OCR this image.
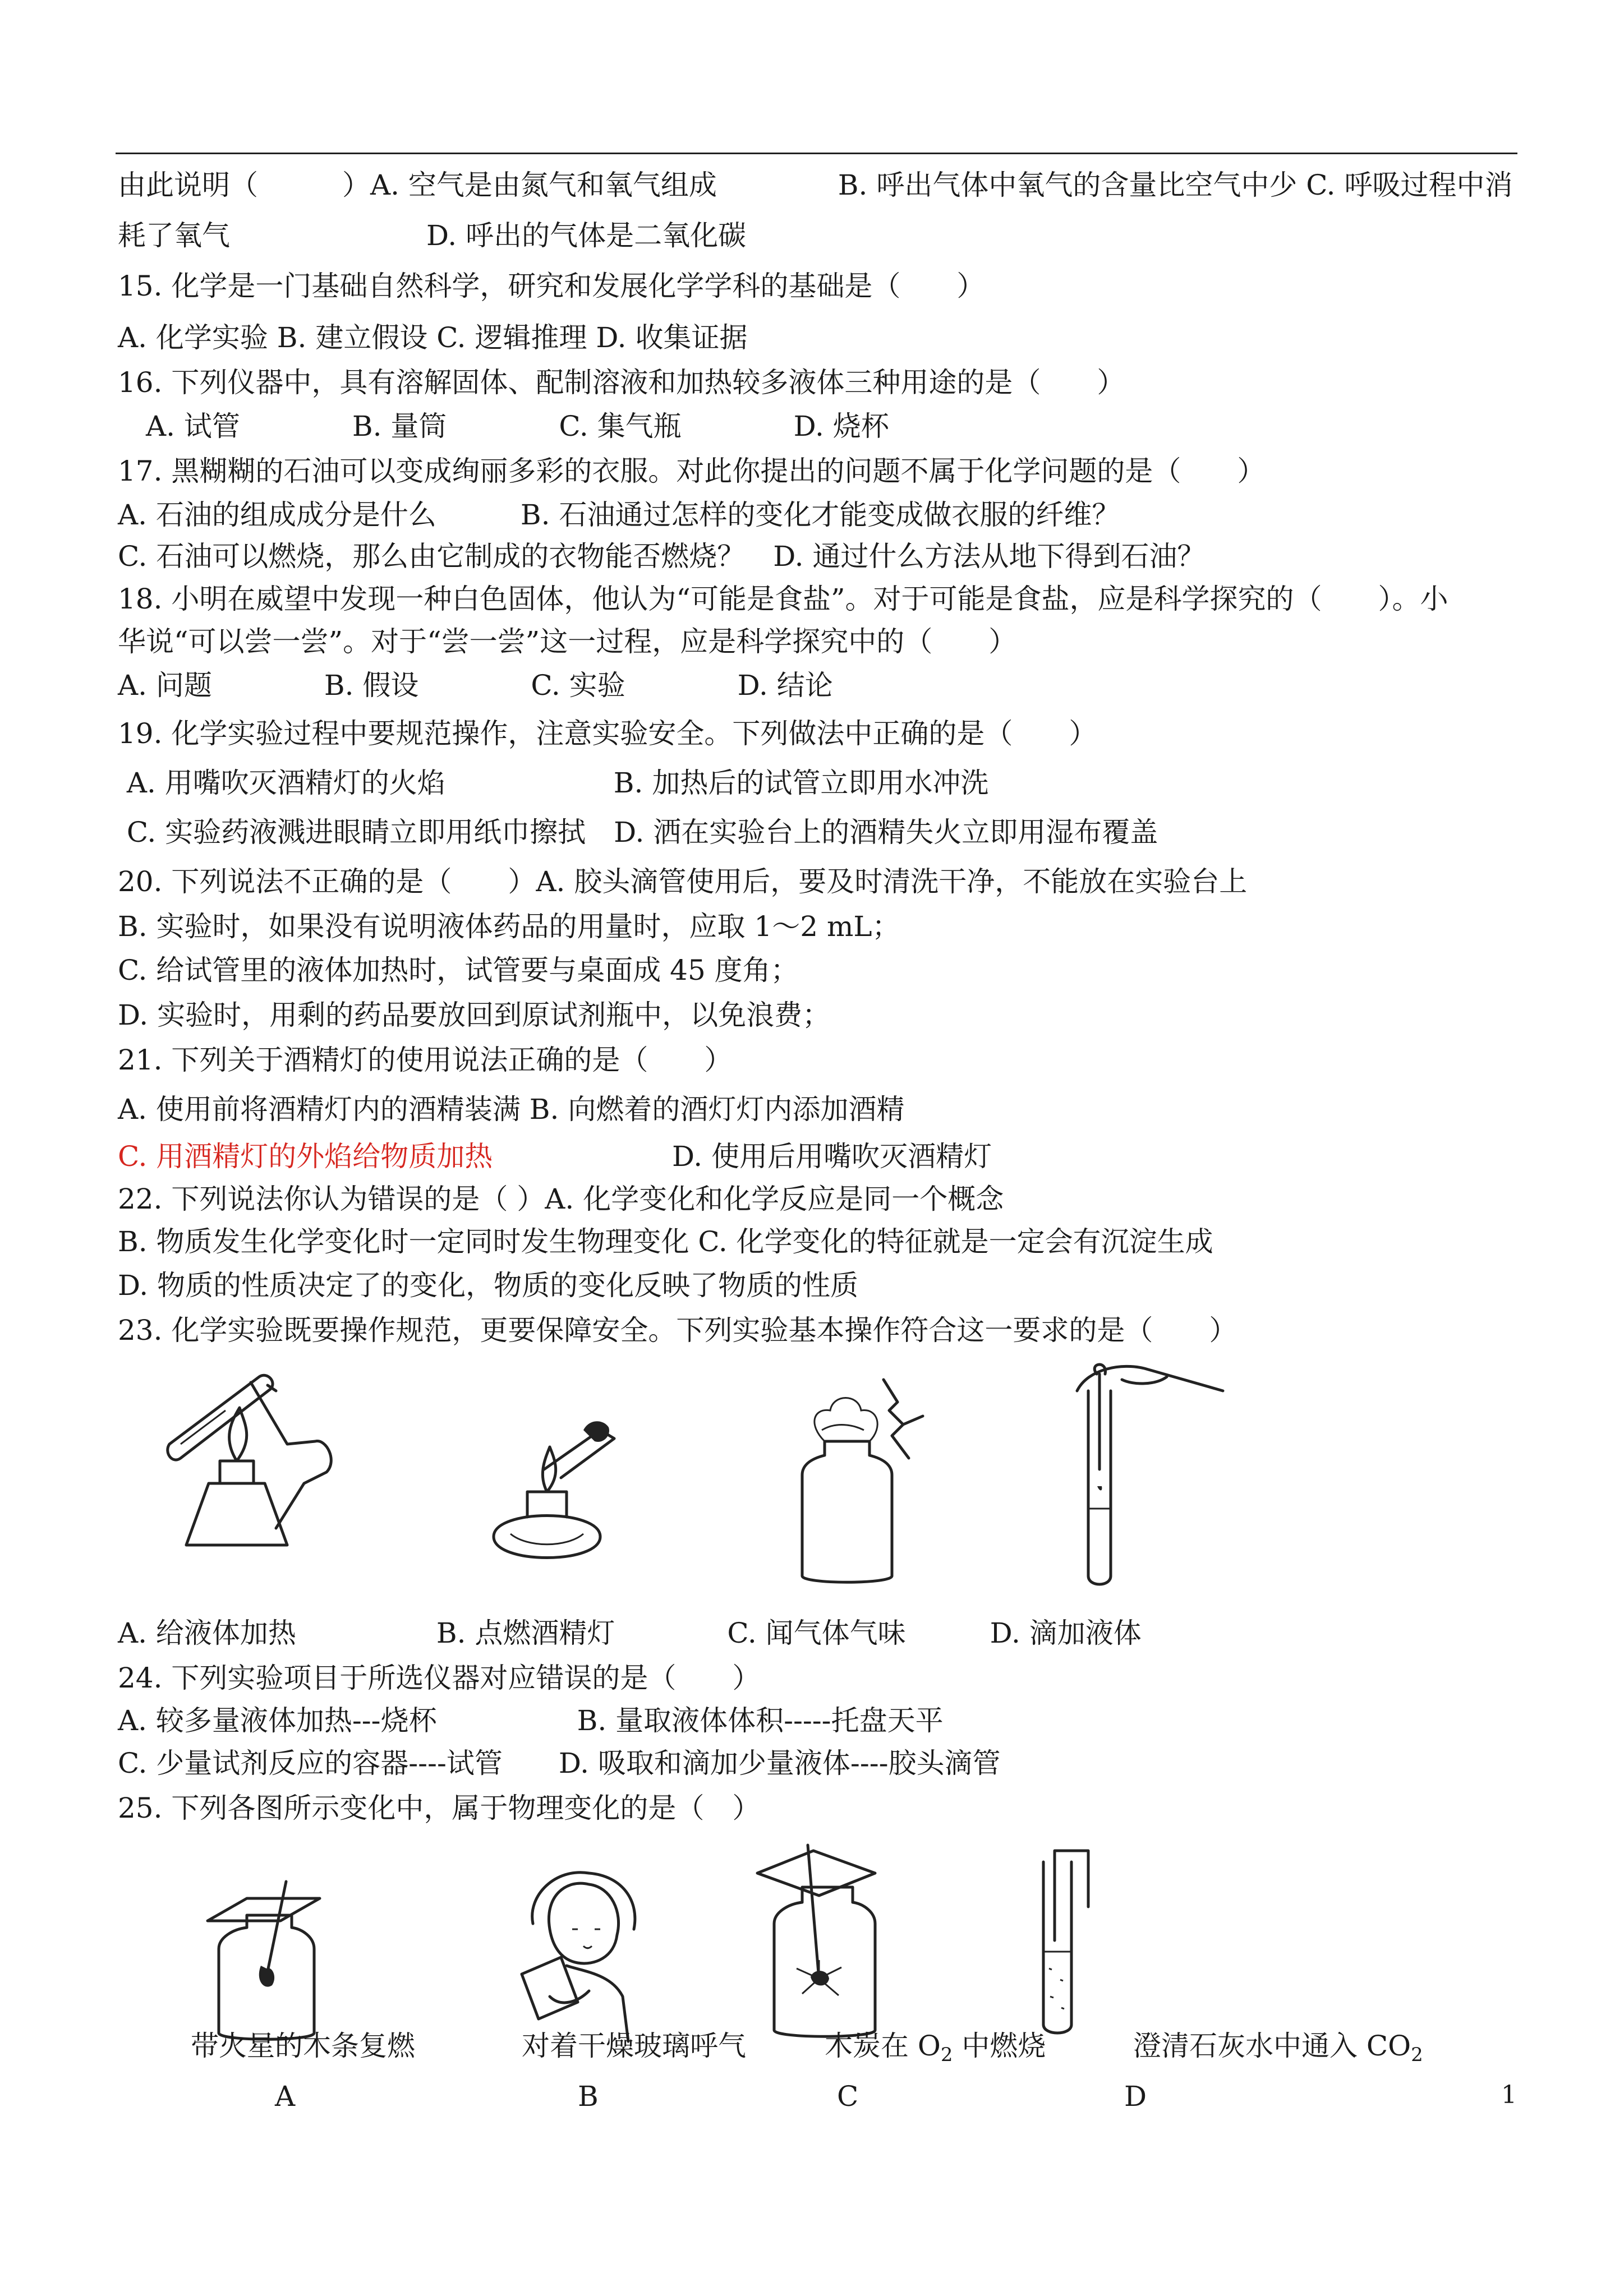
由此说明（　　　）A. 空气是由氮气和氧气组成　　　　 B. 呼出气体中氧气的含量比空气中少 C. 呼吸过程中消
耗了氧气　　　　　　　D. 呼出的气体是二氧化碳
15. 化学是一门基础自然科学，研究和发展化学学科的基础是（　　）
A. 化学实验 B. 建立假设 C. 逻辑推理 D. 收集证据
16. 下列仪器中，具有溶解固体、配制溶液和加热较多液体三种用途的是（　　）
　A. 试管　　　　B. 量筒　　　　C. 集气瓶　　　　D. 烧杯
17. 黑糊糊的石油可以变成绚丽多彩的衣服。对此你提出的问题不属于化学问题的是（　　）
A. 石油的组成成分是什么　　　B. 石油通过怎样的变化才能变成做衣服的纤维？
C. 石油可以燃烧，那么由它制成的衣物能否燃烧？　D. 通过什么方法从地下得到石油？
18. 小明在威望中发现一种白色固体，他认为“可能是食盐”。对于可能是食盐，应是科学探究的（　　）。小
华说“可以尝一尝”。对于“尝一尝”这一过程，应是科学探究中的（　　）
A. 问题　　　　B. 假设　　　　C. 实验　　　　D. 结论
19. 化学实验过程中要规范操作，注意实验安全。下列做法中正确的是（　　）
A. 用嘴吹灭酒精灯的火焰　　　　　　B. 加热后的试管立即用水冲洗
C. 实验药液溅进眼睛立即用纸巾擦拭　D. 洒在实验台上的酒精失火立即用湿布覆盖
20. 下列说法不正确的是（　　）A. 胶头滴管使用后，要及时清洗干净，不能放在实验台上
B. 实验时，如果没有说明液体药品的用量时，应取 1～2 mL；
C. 给试管里的液体加热时，试管要与桌面成 45 度角；
D. 实验时，用剩的药品要放回到原试剂瓶中，以免浪费；
21. 下列关于酒精灯的使用说法正确的是（　　）
A. 使用前将酒精灯内的酒精装满 B. 向燃着的酒灯灯内添加酒精
C. 用酒精灯的外焰给物质加热	D. 使用后用嘴吹灭酒精灯
22. 下列说法你认为错误的是（ ）A. 化学变化和化学反应是同一个概念
B. 物质发生化学变化时一定同时发生物理变化 C. 化学变化的特征就是一定会有沉淀生成
D. 物质的性质决定了的变化，物质的变化反映了物质的性质
23. 化学实验既要操作规范，更要保障安全。下列实验基本操作符合这一要求的是（　　）
A. 给液体加热　　　　　B. 点燃酒精灯　　　　C. 闻气体气味　　　D. 滴加液体
24. 下列实验项目于所选仪器对应错误的是（　　）
A. 较多量液体加热---烧杯　　　　　B. 量取液体体积-----托盘天平
C. 少量试剂反应的容器----试管　　D. 吸取和滴加少量液体----胶头滴管
25. 下列各图所示变化中，属于物理变化的是（　）
带火星的木条复燃	对着干燥玻璃呼气	木炭在 $O_2$ 中燃烧	澄清石灰水中通入 $CO_2$
A	B	C	D	1
